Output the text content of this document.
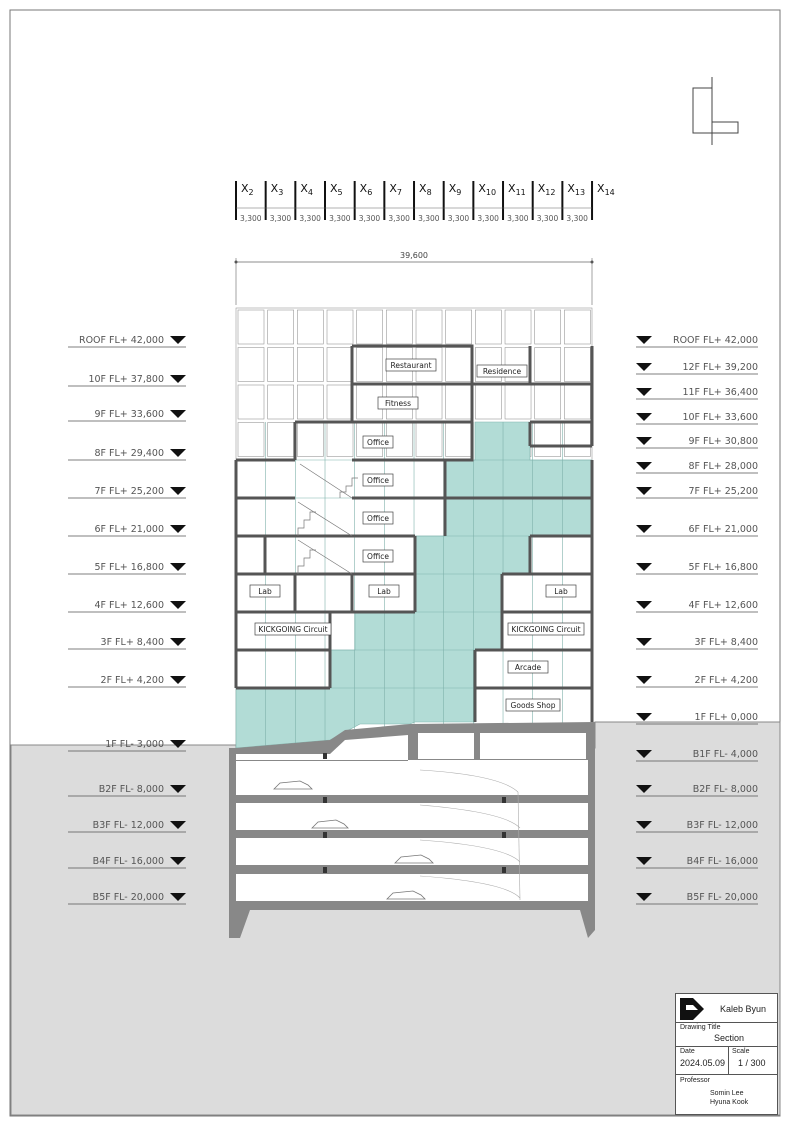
$X_2$ $X_3$ $X_4$ $X_5$ $X_6$ $X_7$ $X_8$ $X_9$ $X_{10}$ $X_{11}$ $X_{12}$ $X_{13}$ $X_{14}$
3,300 3,300 3,300 3,300 3,300 3,300 3,300 3,300 3,300 3,300 3,300 3,300
39,600
Restaurant
Residence
Fitness
Office
Office
Office
Office
Lab	Lab	Lab
KICKGOING Circuit	KICKGOING Circuit
Arcade
Goods Shop
ROOF FL+ 42,000
10F FL+ 37,800
9F FL+ 33,600
8F FL+ 29,400
7F FL+ 25,200
6F FL+ 21,000
5F FL+ 16,800
4F FL+ 12,600
3F FL+ 8,400
2F FL+ 4,200
1F FL- 3,000
B2F FL- 8,000
B3F FL- 12,000
B4F FL- 16,000
B5F FL- 20,000
ROOF FL+ 42,000
12F FL+ 39,200
11F FL+ 36,400
10F FL+ 33,600
9F FL+ 30,800
8F FL+ 28,000
7F FL+ 25,200
6F FL+ 21,000
5F FL+ 16,800
4F FL+ 12,600
3F FL+ 8,400
2F FL+ 4,200
1F FL+ 0,000
B1F FL- 4,000
B2F FL- 8,000
B3F FL- 12,000
B4F FL- 16,000
B5F FL- 20,000
Kaleb Byun
Drawing Title
Section
Date
2024.05.09
Scale
1 / 300
Professor
Somin Lee
Hyuna Kook
